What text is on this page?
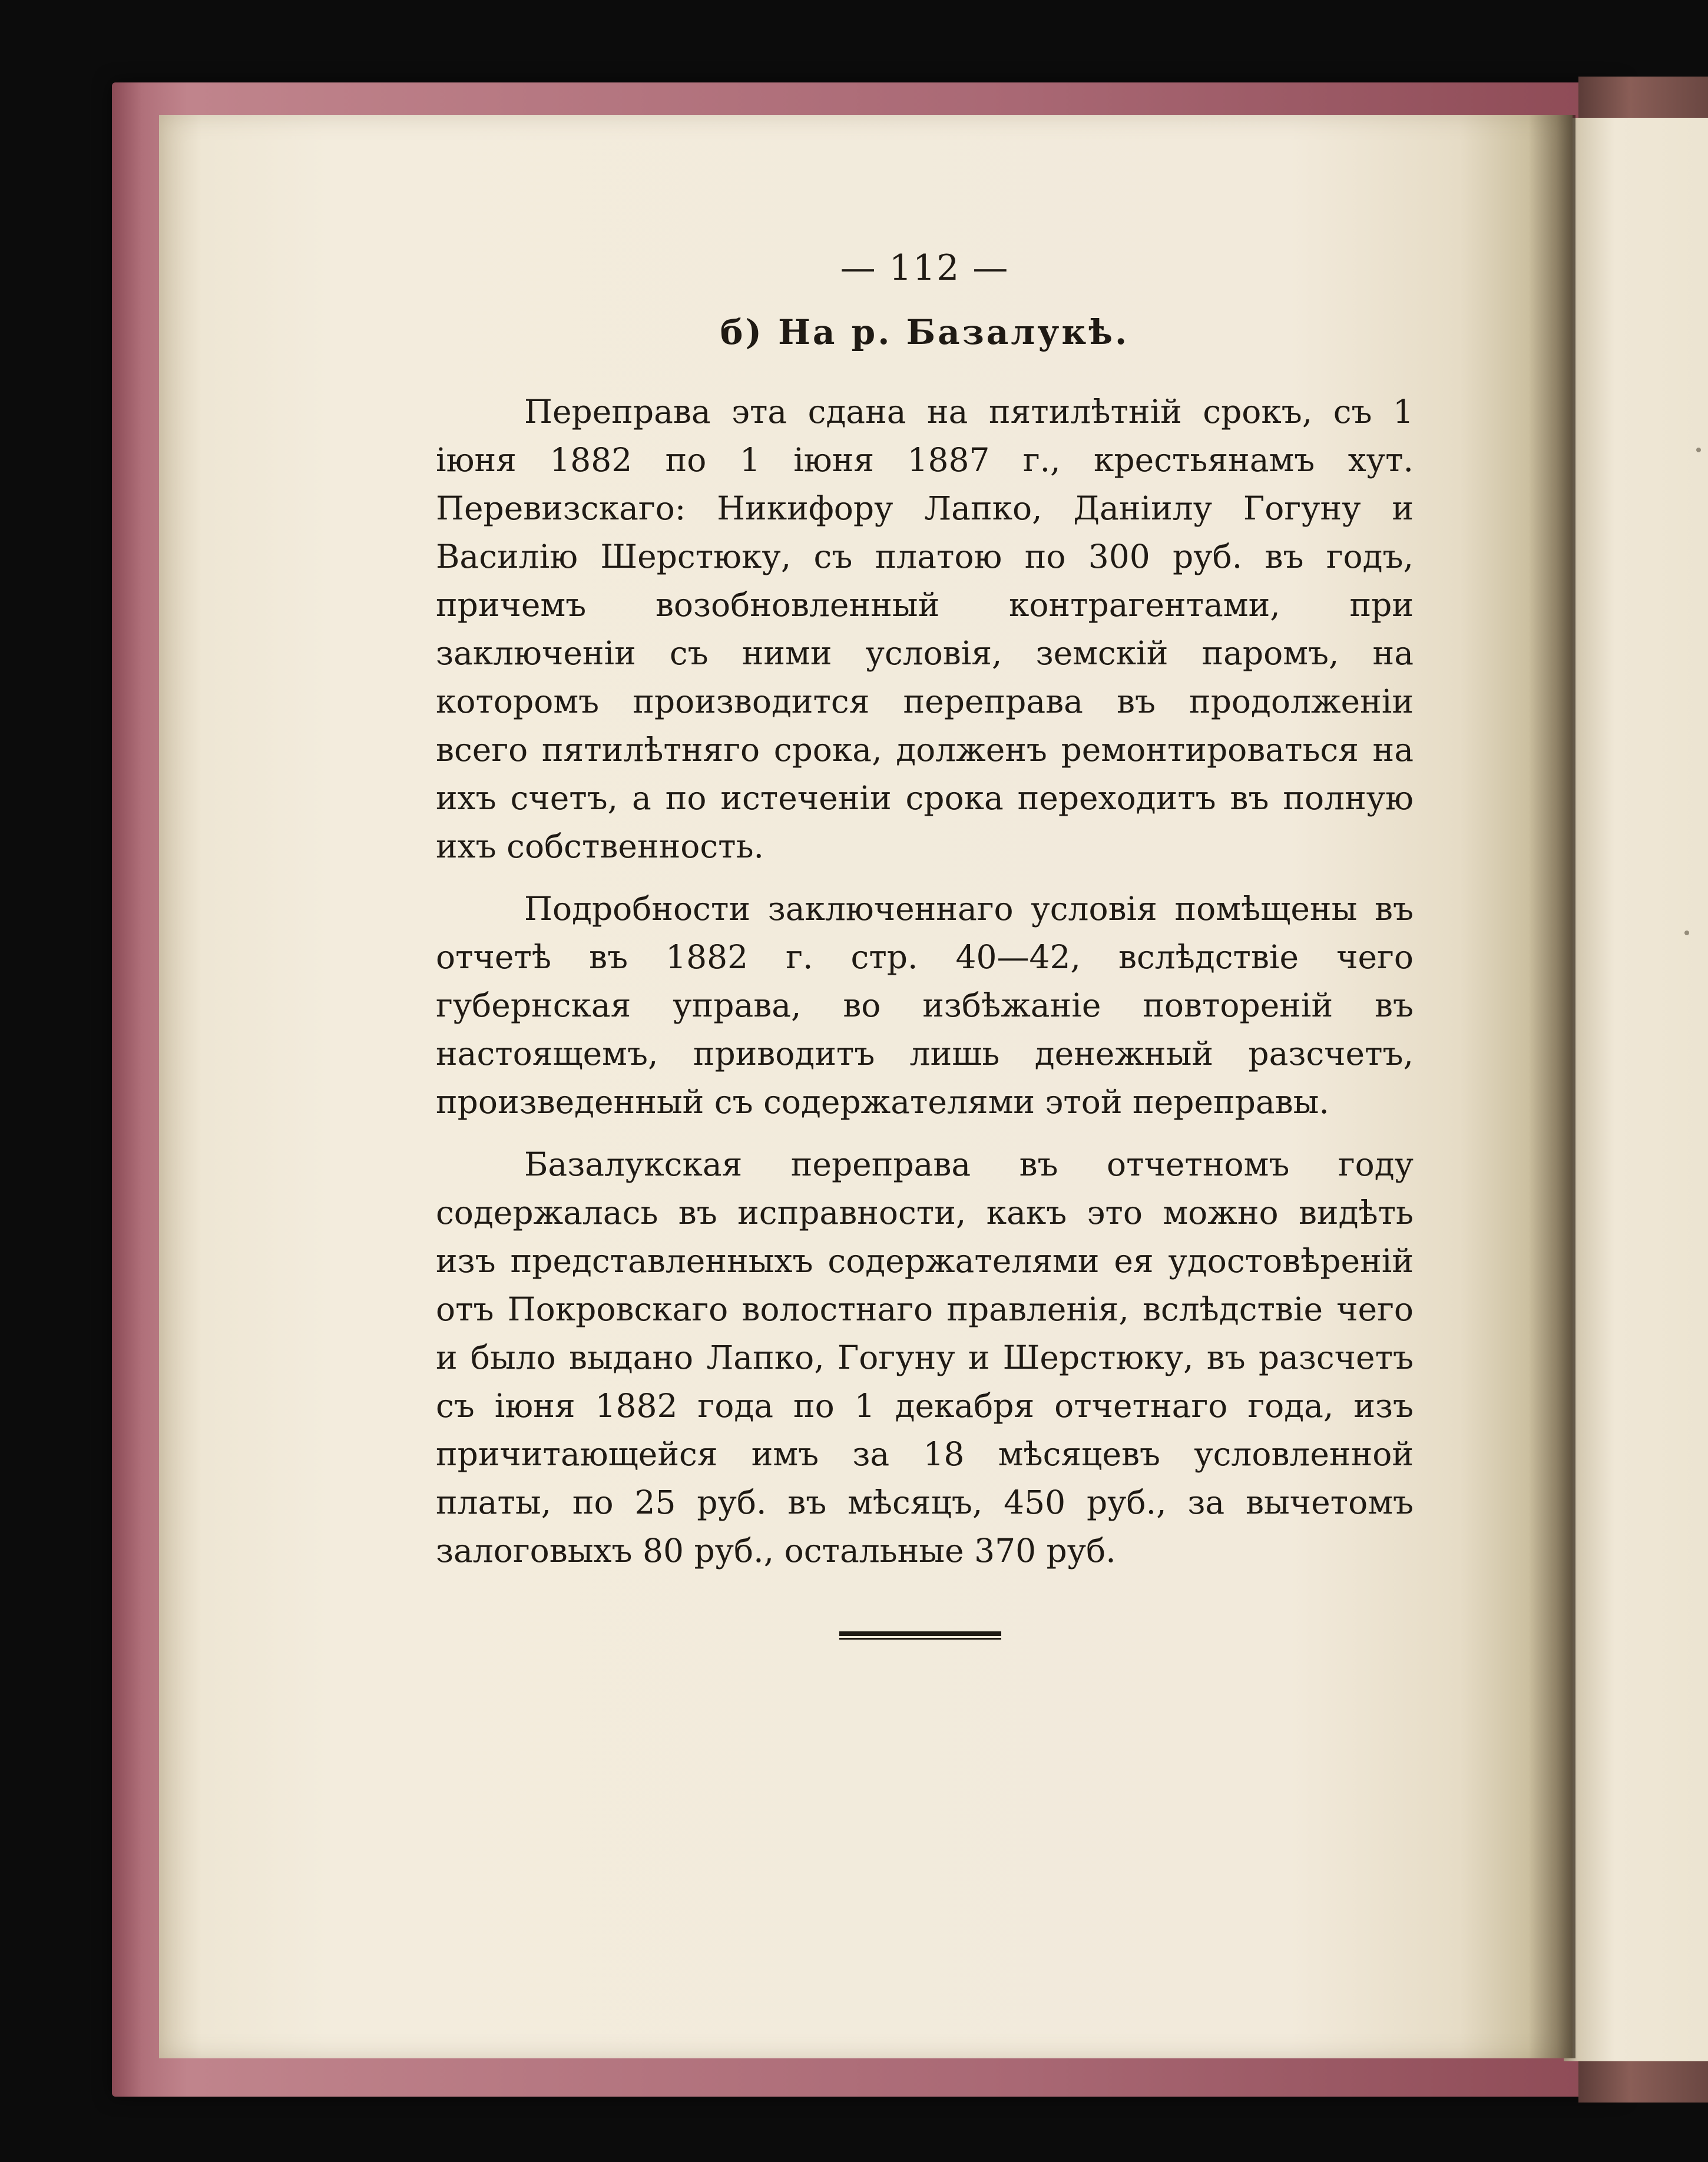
— 112 —
б) На р. Базалукѣ.

Переправа эта сдана на пятилѣтній срокъ, съ 1 іюня 1882 по 1 іюня 1887 г., крестьянамъ хут. Перевизскаго: Никифору Лапко, Даніилу Гогуну и Василію Шерстюку, съ платою по 300 руб. въ годъ, причемъ возобновленный контрагентами, при заключеніи съ ними условія, земскій паромъ, на которомъ производится переправа въ продолженіи всего пятилѣтняго срока, долженъ ремонтироваться на ихъ счетъ, а по истеченіи срока переходитъ въ полную ихъ собственность.

Подробности заключеннаго условія помѣщены въ отчетѣ въ 1882 г. стр. 40—42, вслѣдствіе чего губернская управа, во избѣжаніе повтореній въ настоящемъ, приводитъ лишь денежный разсчетъ, произведенный съ содержателями этой переправы.

Базалукская переправа въ отчетномъ году содержалась въ исправности, какъ это можно видѣть изъ представленныхъ содержателями ея удостовѣреній отъ Покровскаго волостнаго правленія, вслѣдствіе чего и было выдано Лапко, Гогуну и Шерстюку, въ разсчетъ съ іюня 1882 года по 1 декабря отчетнаго года, изъ причитающейся имъ за 18 мѣсяцевъ условленной платы, по 25 руб. въ мѣсяцъ, 450 руб., за вычетомъ залоговыхъ 80 руб., остальные 370 руб.
